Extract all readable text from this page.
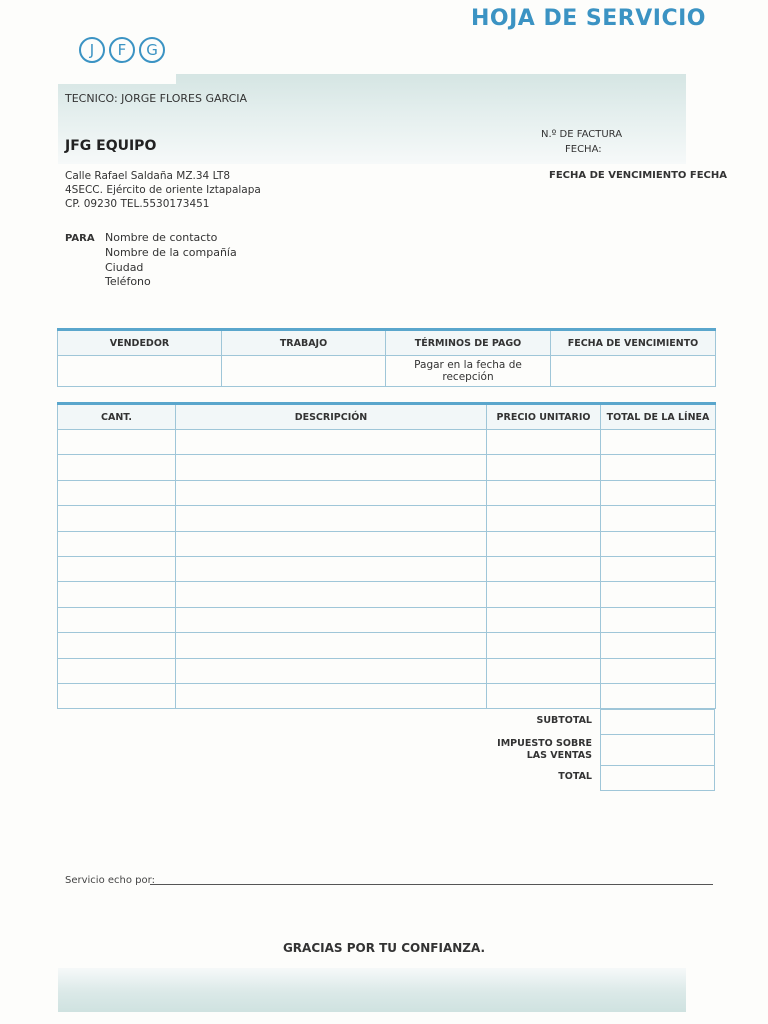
HOJA DE SERVICIO
J F G
TECNICO: JORGE FLORES GARCIA
JFG EQUIPO
Calle Rafael Saldaña MZ.34 LT8
4SECC. Ejército de oriente Iztapalapa
CP. 09230 TEL.5530173451
N.º DE FACTURA
FECHA:
FECHA DE VENCIMIENTO FECHA
PARA Nombre de contacto
Nombre de la compañía
Ciudad
Teléfono
VENDEDOR	TRABAJO	TÉRMINOS DE PAGO	FECHA DE VENCIMIENTO
		Pagar en la fecha de recepción	
CANT.	DESCRIPCIÓN	PRECIO UNITARIO	TOTAL DE LA LÍNEA

SUBTOTAL
IMPUESTO SOBRE
LAS VENTAS
TOTAL

Servicio echo por:
GRACIAS POR TU CONFIANZA.
